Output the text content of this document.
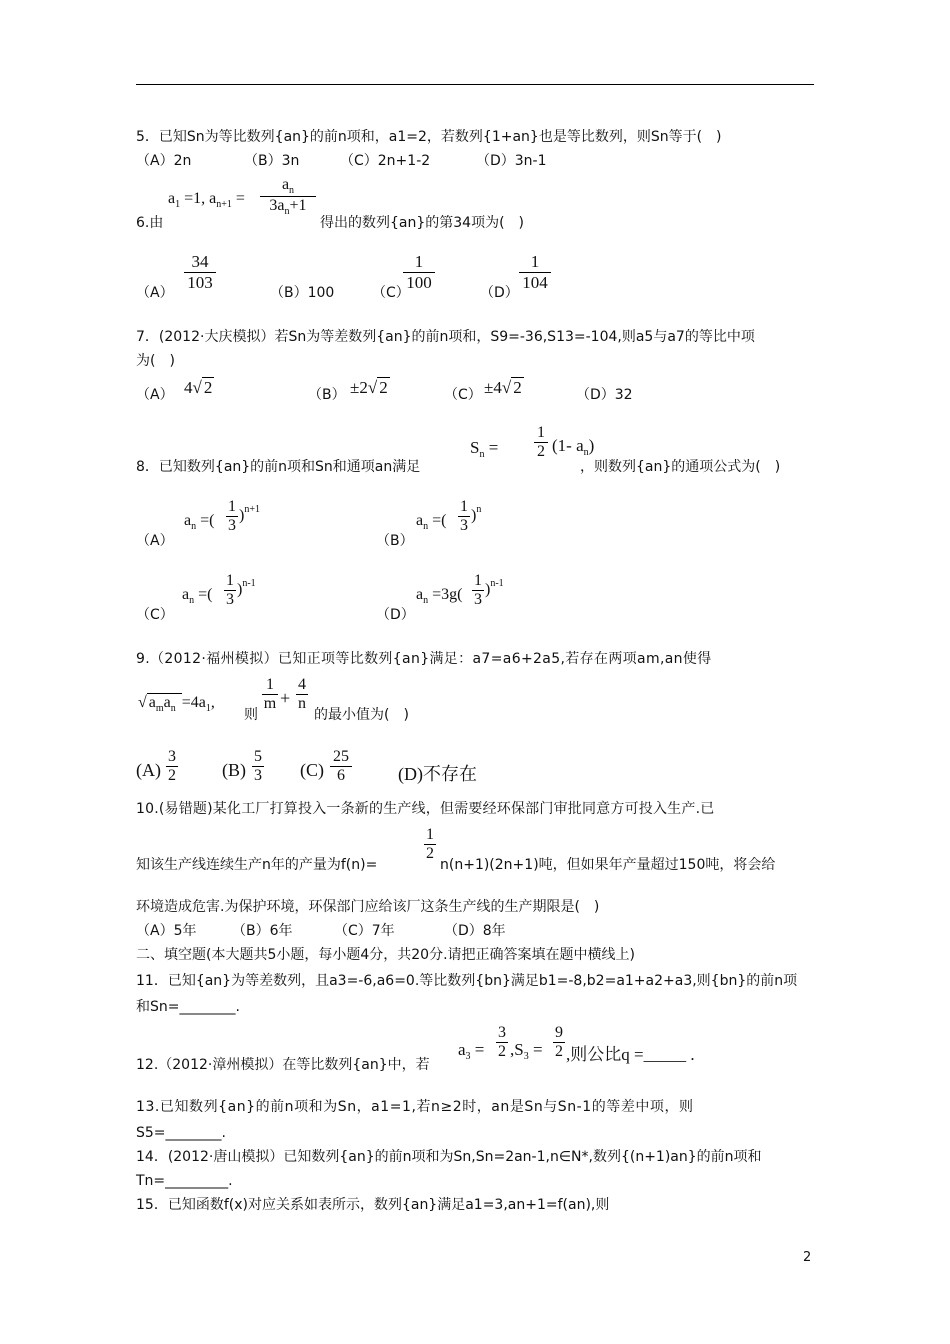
5．已知Sn为等比数列{an}的前n项和，a1=2，若数列{1+an}也是等比数列，则Sn等于(　)
（A）2n	（B）3n	（C）2n+1-2	（D）3n-1
$a_1 =1$, $a_{n+1}$ =
$a_n$
$3a_n+1$
6.由	得出的数列{an}的第34项为(　)
（A）
34
103
（B）100	（C）
1
100
（D）
1
104
7．(2012·大庆模拟）若Sn为等差数列{an}的前n项和，S9=-36,S13=-104,则a5与a7的等比中项
为(　)
（A） 4√ 2	（B） ±2√ 2	（C） ±4√ 2	（D）32
$S_n$ =
1
2 (1- $a_n$)
8．已知数列{an}的前n项和Sn和通项an满足	，则数列{an}的通项公式为(　)
（A）
$a_n$ =(
1
3
)$^{n+1}$
（B）
$a_n$ =(
1
3
)$^n$
（C）
$a_n$ =(
1
3
)$^{n-1}$
（D）
$a_n =3g$(
1
3
)$^{n-1}$
9.（2012·福州模拟）已知正项等比数列{an}满足：a7=a6+2a5,若存在两项am,an使得
√ $a_ma_n =4a_1$,
则
1
m +
4
n
的最小值为(　)
(A)
3
2	(B)
5
3 (C)
25
6	(D)不存在
10.(易错题)某化工厂打算投入一条新的生产线，但需要经环保部门审批同意方可投入生产.已
1
2
知该生产线连续生产n年的产量为f(n)=	n(n+1)(2n+1)吨，但如果年产量超过150吨，将会给
环境造成危害.为保护环境，环保部门应给该厂这条生产线的生产期限是(　)
（A）5年	（B）6年	（C）7年	（D）8年
二、填空题(本大题共5小题，每小题4分，共20分.请把正确答案填在题中横线上)
11．已知{an}为等差数列，且a3=-6,a6=0.等比数列{bn}满足b1=-8,b2=a1+a2+a3,则{bn}的前n项
和Sn=________.
$a_3$ =
3
2 $,S_3$ =
9
2 ,则公比q =_____ .
12.（2012·漳州模拟）在等比数列{an}中，若
13.已知数列{an}的前n项和为Sn，a1=1,若n≥2时，an是Sn与Sn-1的等差中项，则
S5=________.
14．(2012·唐山模拟）已知数列{an}的前n项和为Sn,Sn=2an-1,n∈N*,数列{(n+1)an}的前n项和
Tn=_________.
15．已知函数f(x)对应关系如表所示，数列{an}满足a1=3,an+1=f(an),则
2
